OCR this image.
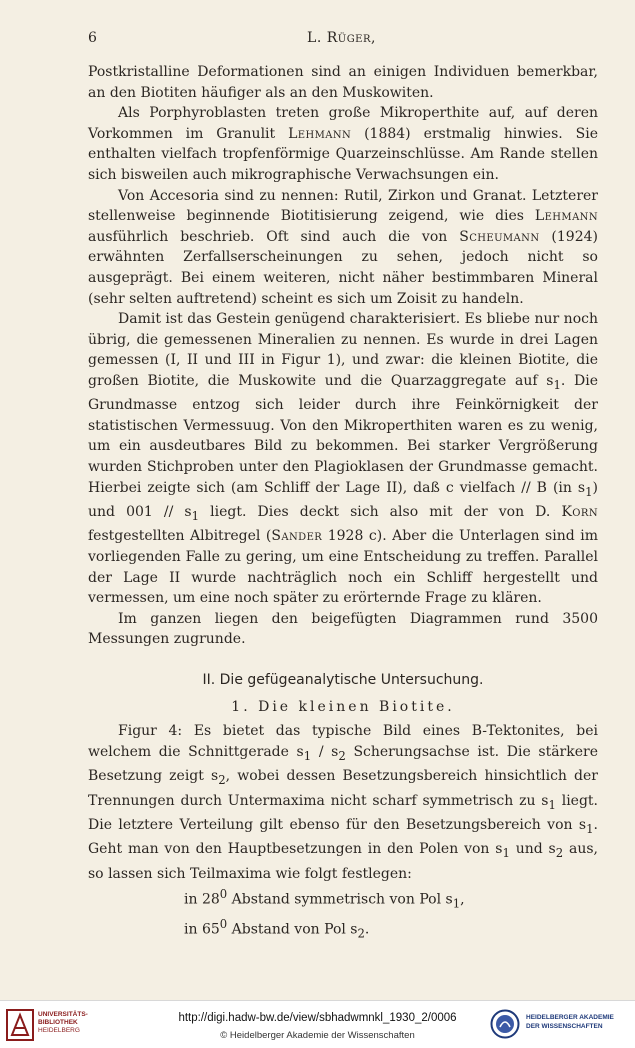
6	L. Rüger,

Postkristalline Deformationen sind an einigen Individuen bemerkbar, an den Biotiten häufiger als an den Muskowiten.

Als Porphyroblasten treten große Mikroperthite auf, auf deren Vorkommen im Granulit Lehmann (1884) erstmalig hinwies. Sie enthalten vielfach tropfenförmige Quarzeinschlüsse. Am Rande stellen sich bisweilen auch mikrographische Verwachsungen ein.

Von Accesoria sind zu nennen: Rutil, Zirkon und Granat. Letzterer stellenweise beginnende Biotitisierung zeigend, wie dies Lehmann ausführlich beschrieb. Oft sind auch die von Scheumann (1924) erwähnten Zerfallserscheinungen zu sehen, jedoch nicht so ausgeprägt. Bei einem weiteren, nicht näher bestimmbaren Mineral (sehr selten auftretend) scheint es sich um Zoisit zu handeln.

Damit ist das Gestein genügend charakterisiert. Es bliebe nur noch übrig, die gemessenen Mineralien zu nennen. Es wurde in drei Lagen gemessen (I, II und III in Figur 1), und zwar: die kleinen Biotite, die großen Biotite, die Muskowite und die Quarzaggregate auf $s_1$. Die Grundmasse entzog sich leider durch ihre Feinkörnigkeit der statistischen Vermessuug. Von den Mikroperthiten waren es zu wenig, um ein ausdeutbares Bild zu bekommen. Bei starker Vergrößerung wurden Stichproben unter den Plagioklasen der Grundmasse gemacht. Hierbei zeigte sich (am Schliff der Lage II), daß c vielfach // B (in $s_1$) und $001 // s_1$ liegt. Dies deckt sich also mit der von D. Korn festgestellten Albitregel (Sander 1928 c). Aber die Unterlagen sind im vorliegenden Falle zu gering, um eine Entscheidung zu treffen. Parallel der Lage II wurde nachträglich noch ein Schliff hergestellt und vermessen, um eine noch später zu erörternde Frage zu klären.

Im ganzen liegen den beigefügten Diagrammen rund 3500 Messungen zugrunde.

II. Die gefügeanalytische Untersuchung.
1. Die kleinen Biotite.

Figur 4: Es bietet das typische Bild eines B-Tektonites, bei welchem die Schnittgerade $s_1 / s_2$ Scherungsachse ist. Die stärkere Besetzung zeigt $s_2$, wobei dessen Besetzungsbereich hinsichtlich der Trennungen durch Untermaxima nicht scharf symmetrisch zu $s_1$ liegt. Die letztere Verteilung gilt ebenso für den Besetzungsbereich von $s_1$. Geht man von den Hauptbesetzungen in den Polen von $s_1$ und $s_2$ aus, so lassen sich Teilmaxima wie folgt festlegen:

in $28^0$ Abstand symmetrisch von Pol $s_1$,
in $65^0$ Abstand von Pol $s_2$.
UNIVERSITÄTS-
BIBLIOTHEK
HEIDELBERG
http://digi.hadw-bw.de/view/sbhadwmnkl_1930_2/0006
© Heidelberger Akademie der Wissenschaften
HEIDELBERGER AKADEMIE
DER WISSENSCHAFTEN
